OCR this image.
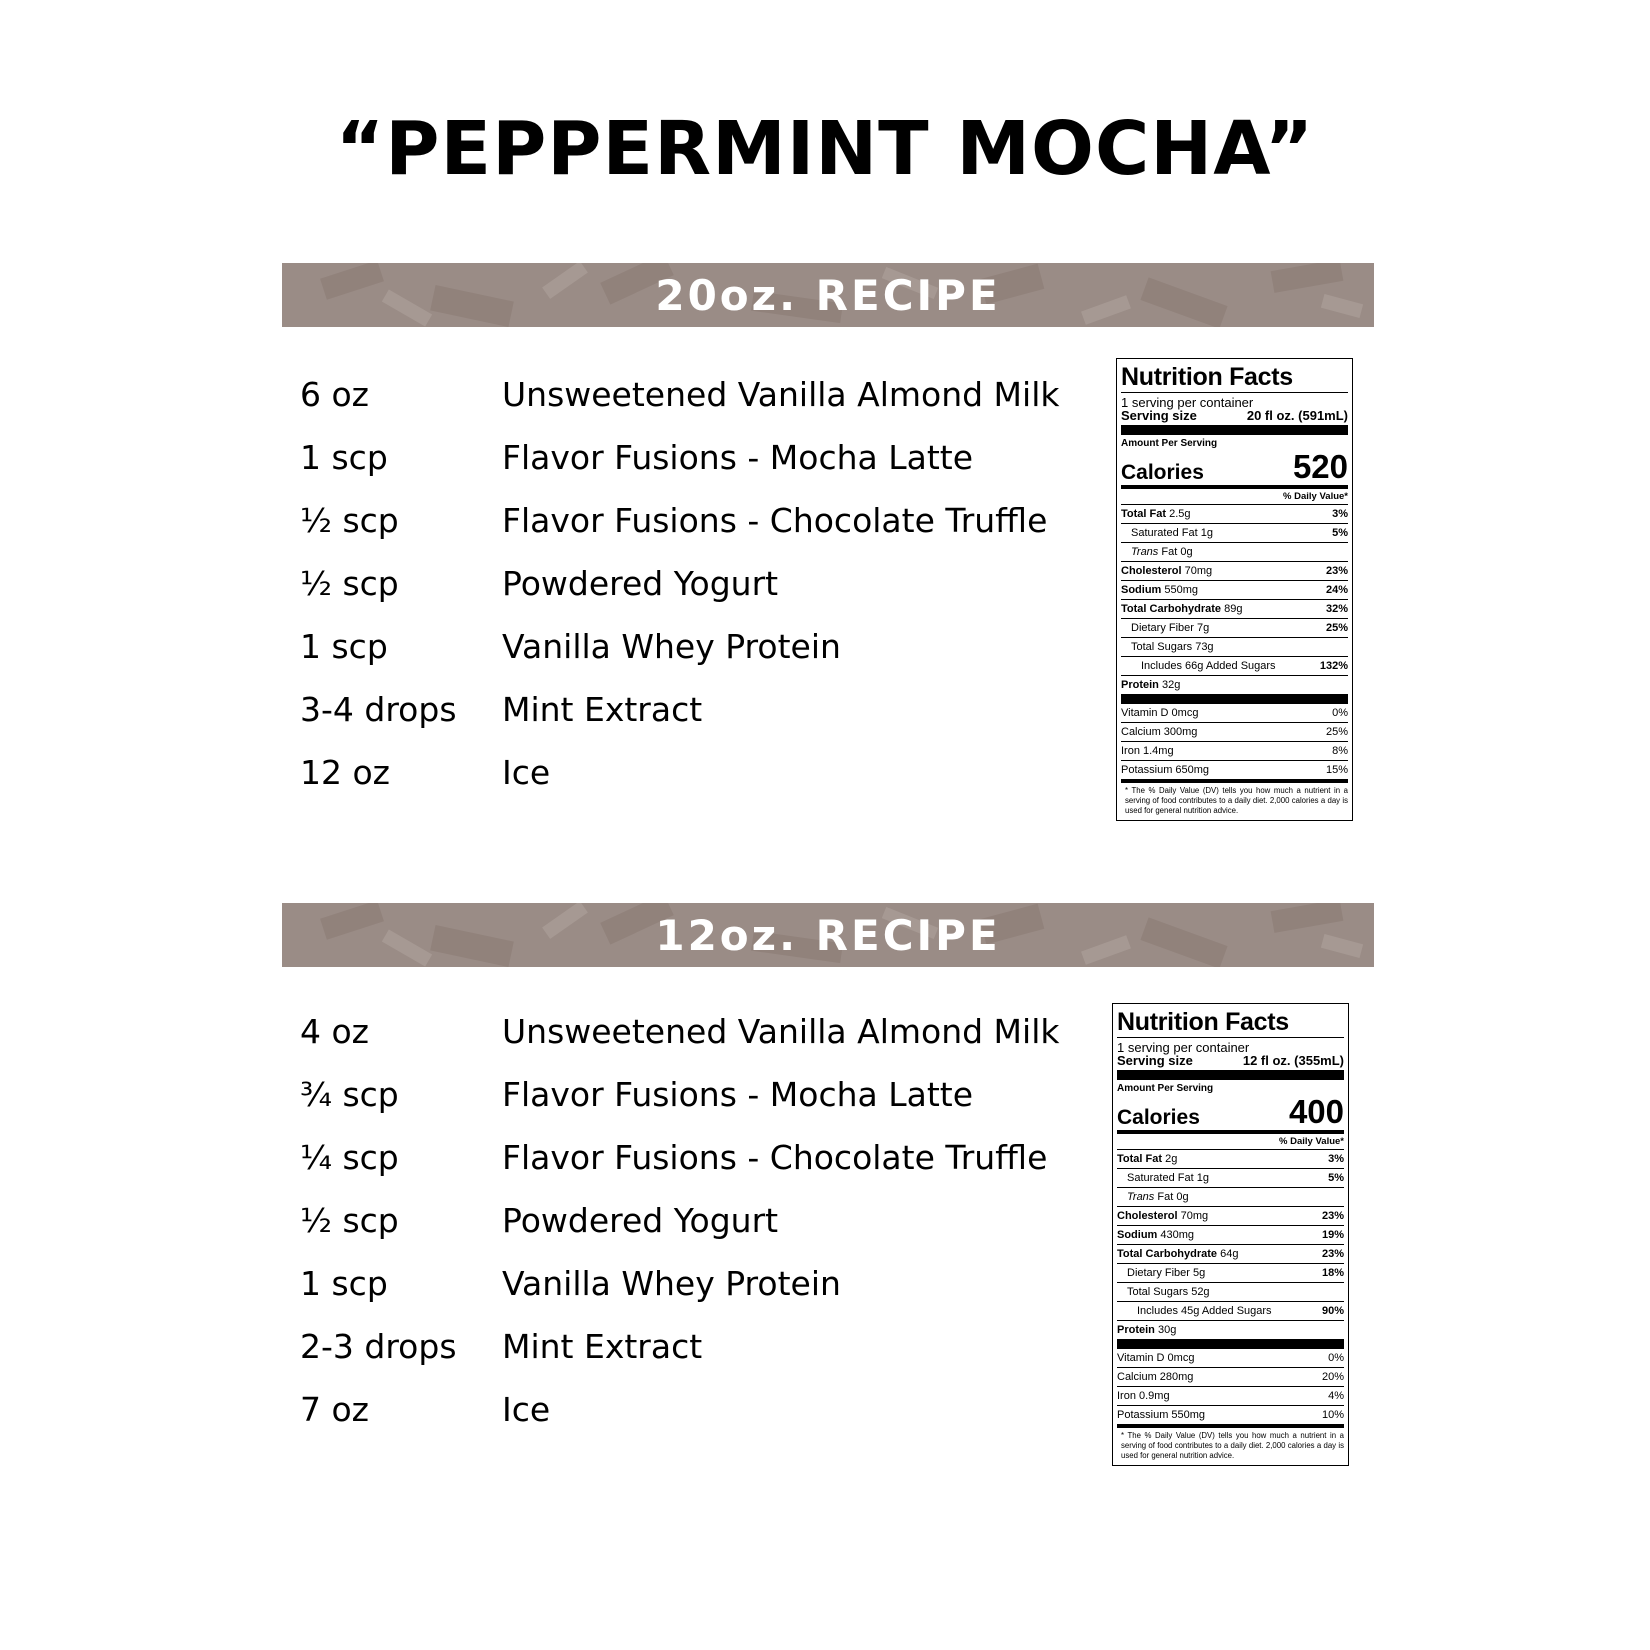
“PEPPERMINT MOCHA”
20oz. RECIPE
6 oz	Unsweetened Vanilla Almond Milk
1 scp	Flavor Fusions - Mocha Latte
½ scp	Flavor Fusions - Chocolate Truffle
½ scp	Powdered Yogurt
1 scp	Vanilla Whey Protein
3-4 drops	Mint Extract
12 oz	Ice
Nutrition Facts
1 serving per container
Serving size	20 fl oz. (591mL)
Amount Per Serving
Calories	520
% Daily Value*
Total Fat 2.5g	3%
Saturated Fat 1g	5%
Trans Fat 0g
Cholesterol 70mg	23%
Sodium 550mg	24%
Total Carbohydrate 89g	32%
Dietary Fiber 7g	25%
Total Sugars 73g
Includes 66g Added Sugars	132%
Protein 32g
Vitamin D 0mcg	0%
Calcium 300mg	25%
Iron 1.4mg	8%
Potassium 650mg	15%
* The % Daily Value (DV) tells you how much a nutrient in a serving of food contributes to a daily diet. 2,000 calories a day is used for general nutrition advice.
12oz. RECIPE
4 oz	Unsweetened Vanilla Almond Milk
¾ scp	Flavor Fusions - Mocha Latte
¼ scp	Flavor Fusions - Chocolate Truffle
½ scp	Powdered Yogurt
1 scp	Vanilla Whey Protein
2-3 drops	Mint Extract
7 oz	Ice
Nutrition Facts
1 serving per container
Serving size	12 fl oz. (355mL)
Amount Per Serving
Calories	400
% Daily Value*
Total Fat 2g	3%
Saturated Fat 1g	5%
Trans Fat 0g
Cholesterol 70mg	23%
Sodium 430mg	19%
Total Carbohydrate 64g	23%
Dietary Fiber 5g	18%
Total Sugars 52g
Includes 45g Added Sugars	90%
Protein 30g
Vitamin D 0mcg	0%
Calcium 280mg	20%
Iron 0.9mg	4%
Potassium 550mg	10%
* The % Daily Value (DV) tells you how much a nutrient in a serving of food contributes to a daily diet. 2,000 calories a day is used for general nutrition advice.
